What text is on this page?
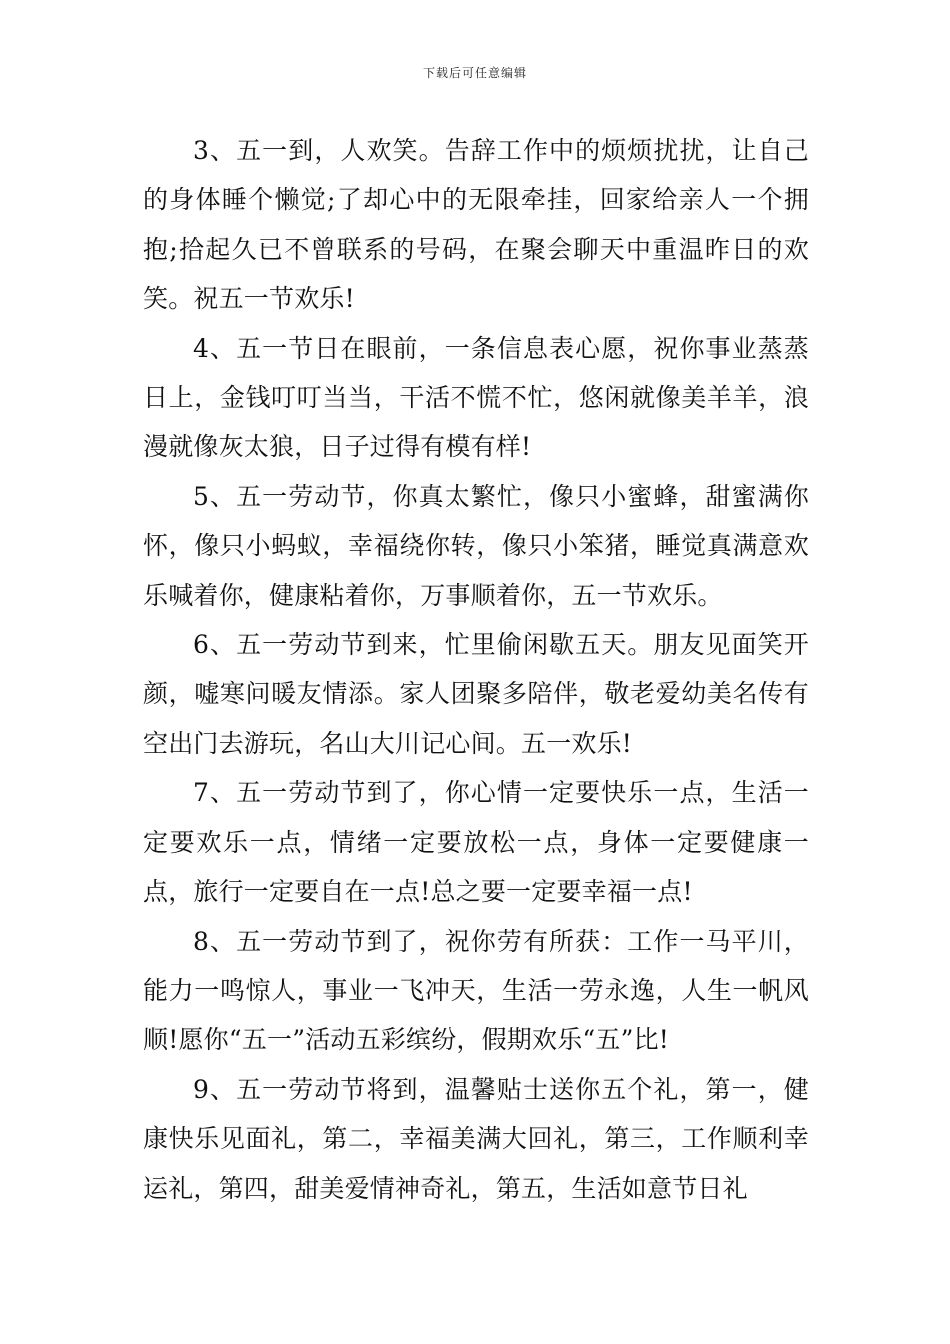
下载后可任意编辑

3、五一到，人欢笑。告辞工作中的烦烦扰扰，让自己的身体睡个懒觉;了却心中的无限牵挂，回家给亲人一个拥抱;拾起久已不曾联系的号码，在聚会聊天中重温昨日的欢笑。祝五一节欢乐!

4、五一节日在眼前，一条信息表心愿，祝你事业蒸蒸日上，金钱叮叮当当，干活不慌不忙，悠闲就像美羊羊，浪漫就像灰太狼，日子过得有模有样!

5、五一劳动节，你真太繁忙，像只小蜜蜂，甜蜜满你怀，像只小蚂蚁，幸福绕你转，像只小笨猪，睡觉真满意欢乐喊着你，健康粘着你，万事顺着你，五一节欢乐。

6、五一劳动节到来，忙里偷闲歇五天。朋友见面笑开颜，嘘寒问暖友情添。家人团聚多陪伴，敬老爱幼美名传有空出门去游玩，名山大川记心间。五一欢乐!

7、五一劳动节到了，你心情一定要快乐一点，生活一定要欢乐一点，情绪一定要放松一点，身体一定要健康一点，旅行一定要自在一点!总之要一定要幸福一点!

8、五一劳动节到了，祝你劳有所获：工作一马平川，能力一鸣惊人，事业一飞冲天，生活一劳永逸，人生一帆风顺!愿你“五一”活动五彩缤纷，假期欢乐“五”比!

9、五一劳动节将到，温馨贴士送你五个礼，第一，健康快乐见面礼，第二，幸福美满大回礼，第三，工作顺利幸运礼，第四，甜美爱情神奇礼，第五，生活如意节日礼
